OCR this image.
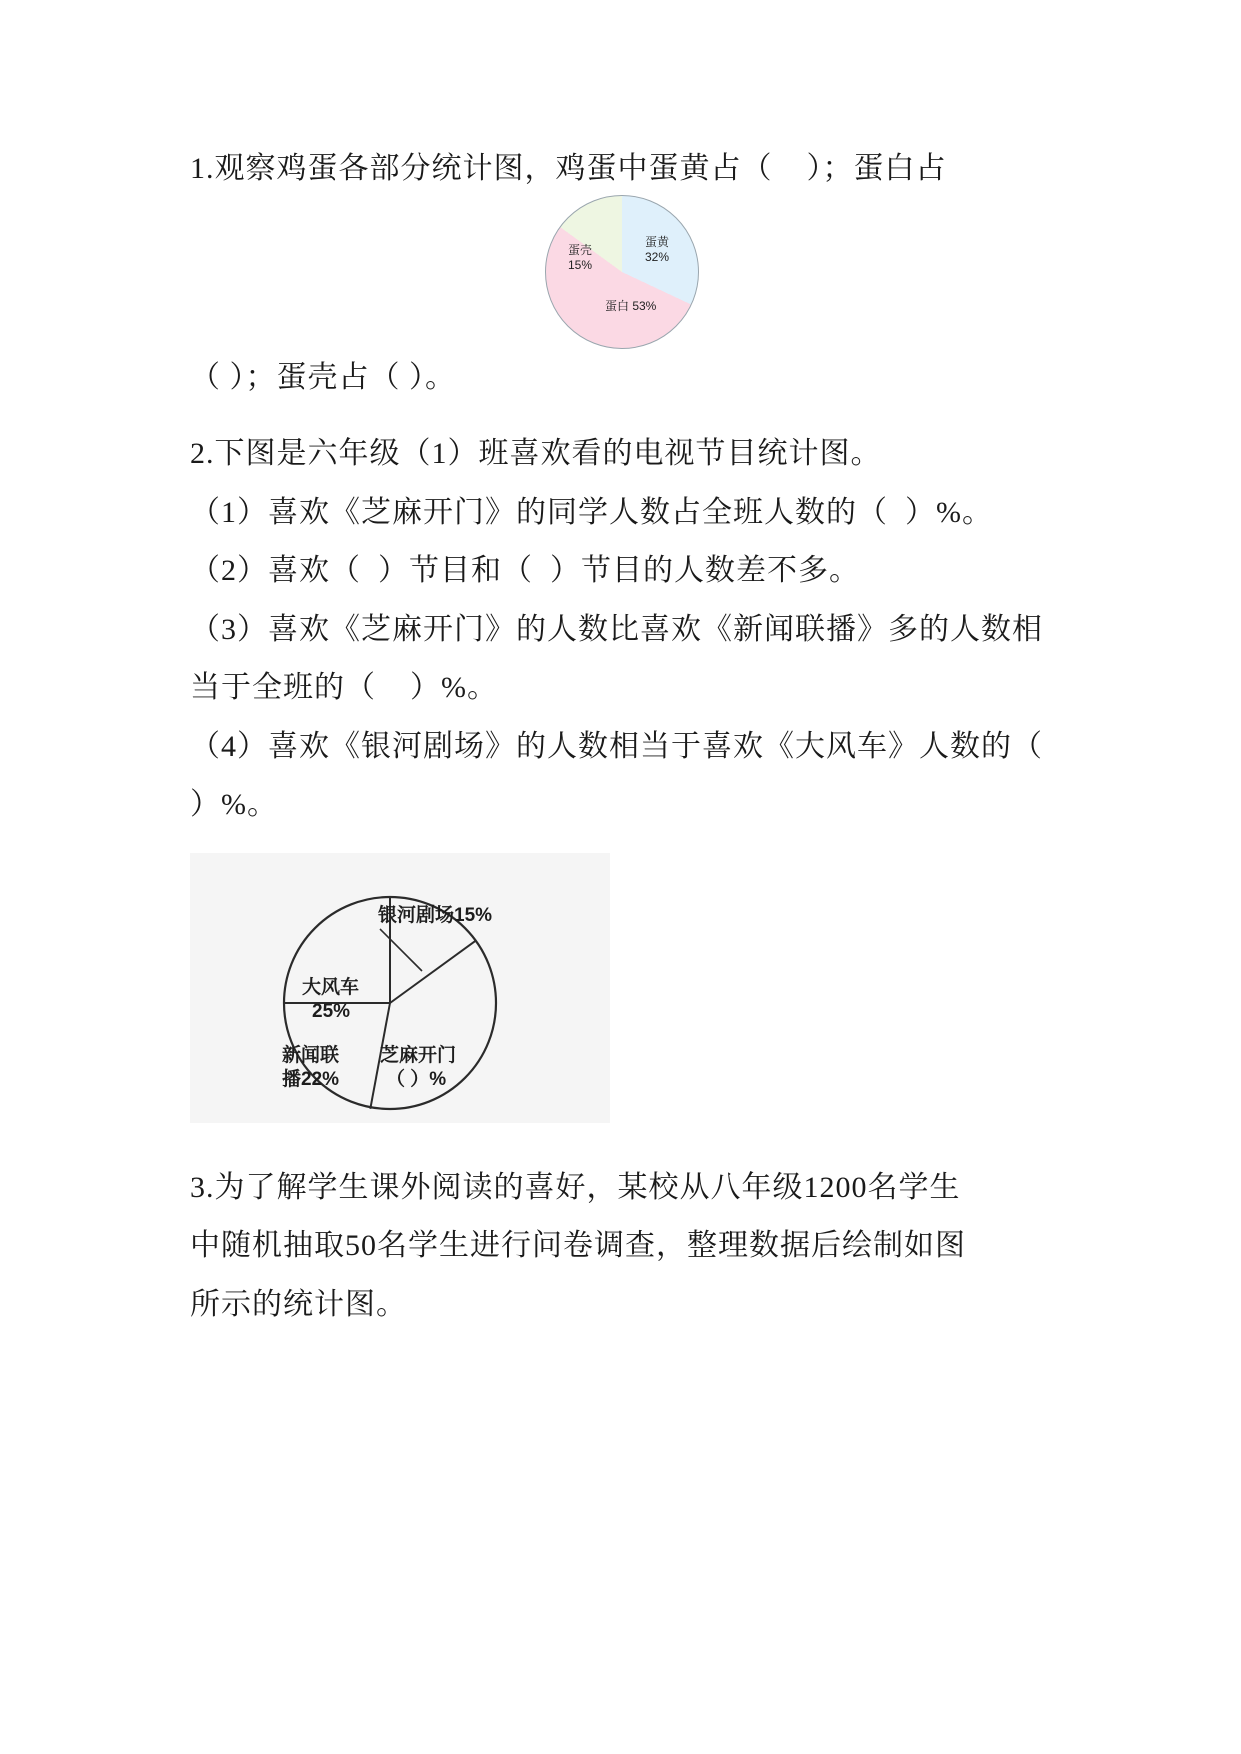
1.观察鸡蛋各部分统计图，鸡蛋中蛋黄占（    ）；蛋白占
蛋黄
32%
蛋壳
15%
蛋白 53%
（ ）；蛋壳占（ ）。
2.下图是六年级（1）班喜欢看的电视节目统计图。
（1）喜欢《芝麻开门》的同学人数占全班人数的（  ）%。
（2）喜欢（  ）节目和（  ）节目的人数差不多。
（3）喜欢《芝麻开门》的人数比喜欢《新闻联播》多的人数相
当于全班的（    ）%。
（4）喜欢《银河剧场》的人数相当于喜欢《大风车》人数的（
）%。
银河剧场15%
大风车
25%
新闻联
播22%
芝麻开门
（ ）%
3.为了解学生课外阅读的喜好，某校从八年级1200名学生
中随机抽取50名学生进行问卷调查，整理数据后绘制如图
所示的统计图。
